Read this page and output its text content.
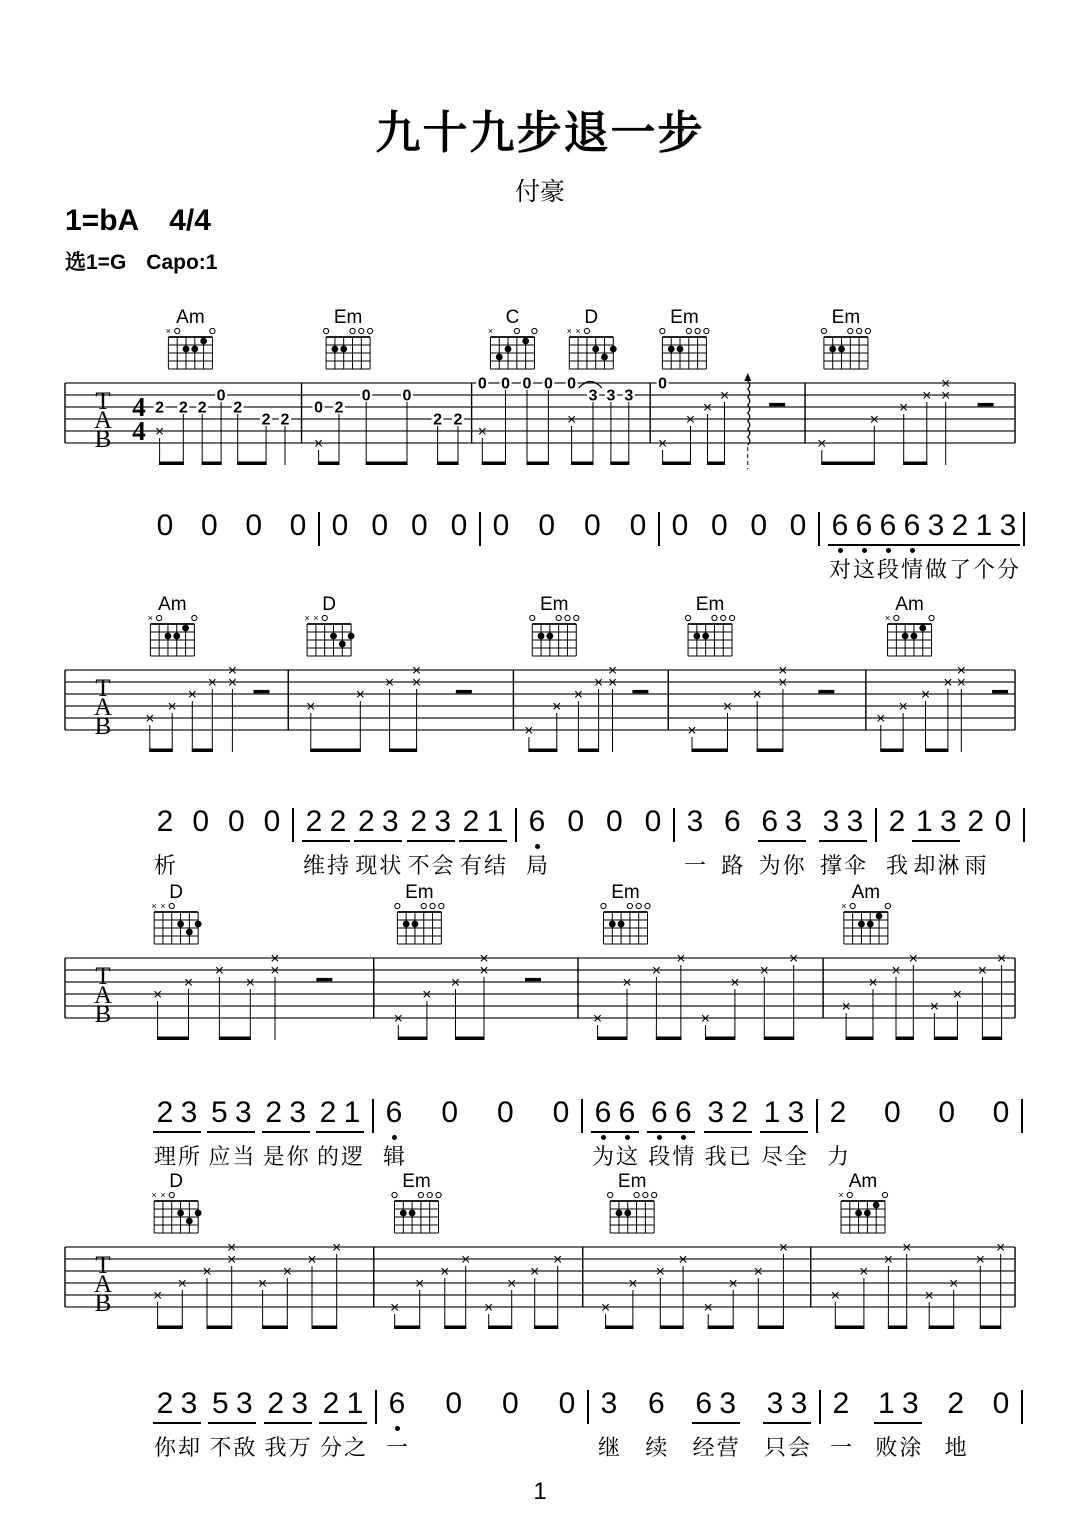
九十九步退一步
付豪
1=bA 4/4
选1=G Capo:1
T
A
B
4
4
Am
×
Em	C
×
D
× ×
Em	Em
×
2 2 2
0
2
2 2
×
0 2
0 0
2 2
×
0 0 0 0 0
×
3 3 3
×
0
×
×
×
×
×
×
× ×
×
T
A
B
Am
×
D
× ×
Em	Em	Am
×
×
×
×
× ×
×
×
×
× ×
×
×
×
×
× ×
×
×
×
×
×
×
×
×
×
× ×
×
T
A
B
D
× ×
Em	Em	Am
×
×
×
×
×
×
×
×
×
×
×
×
×
×
×
×
×
×
×
×
×
×
×
×
×
×
×
×
T
A
B
D
× ×
Em	Em	Am
×
×
×
×
×
×
×
×
×
×
×
×
×
×
×
×
×
×
×
×
×
×
×
×
×
×
×
×
×
×
×
×
×
×
0
0
0
0
0
0
0
0
0
0
0
0
0
0
0
0
6 6
对 这
6 6
段 情
3 2
做 了
1 3
个 分
2
析
0
0
0
2 2
维 持
2 3
现 状
2 3
不 会
2 1
有 结
6
局
0
0
0
3
一
6
路
6 3
为 你
3 3
撑 伞
2
我
1 3
却 淋
2
雨
0

2 3
理 所
5 3
应 当
2 3
是 你
2 1
的 逻
6
辑
0
0
0
6 6
为 这
6 6
段 情
3 2
我 已
1 3
尽 全
2
力
0
0
0

2 3
你 却
5 3
不 敌
2 3
我 万
2 1
分 之
6
一
0
0
0
3
继
6
续
6 3
经 营
3 3
只 会
2
一
1 3
败 涂
2
地
0

1
